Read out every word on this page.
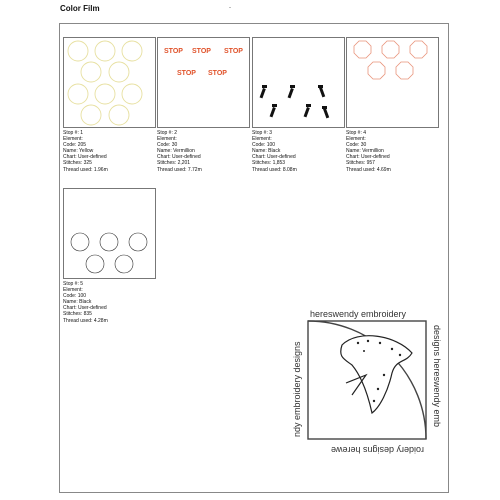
Color Film	-
Stop #: 1
Element:
Code: 205
Name: Yellow
Chart: User-defined
Stitches: 325
Thread used: 1.96m
STOP STOP STOP
STOP STOP
Stop #: 2
Element:
Code: 30
Name: Vermillion
Chart: User-defined
Stitches: 2,201
Thread used: 7.72m
Stop #: 3
Element:
Code: 100
Name: Black
Chart: User-defined
Stitches: 1,853
Thread used: 8.08m
Stop #: 4
Element:
Code: 30
Name: Vermillion
Chart: User-defined
Stitches: 957
Thread used: 4.69m
Stop #: 5
Element:
Code: 100
Name: Black
Chart: User-defined
Stitches: 835
Thread used: 4.28m
hereswendy embroidery
designs hereswendy emb
roidery designs herewe
ndy embroidery designs
